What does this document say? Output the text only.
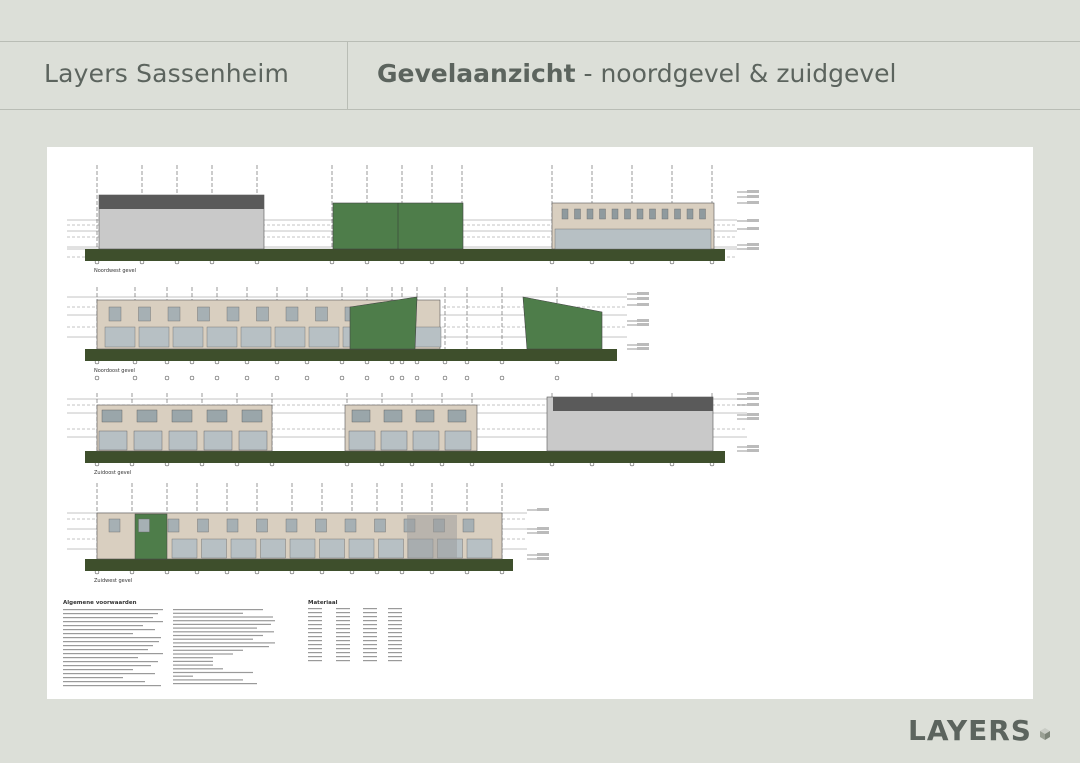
Layers Sassenheim	Gevelaanzicht - noordgevel & zuidgevel
Noordwest gevel
Noordoost gevel
Zuidoost gevel
Zuidwest gevel
Algemene voorwaarden	Materiaal
LAYERS
